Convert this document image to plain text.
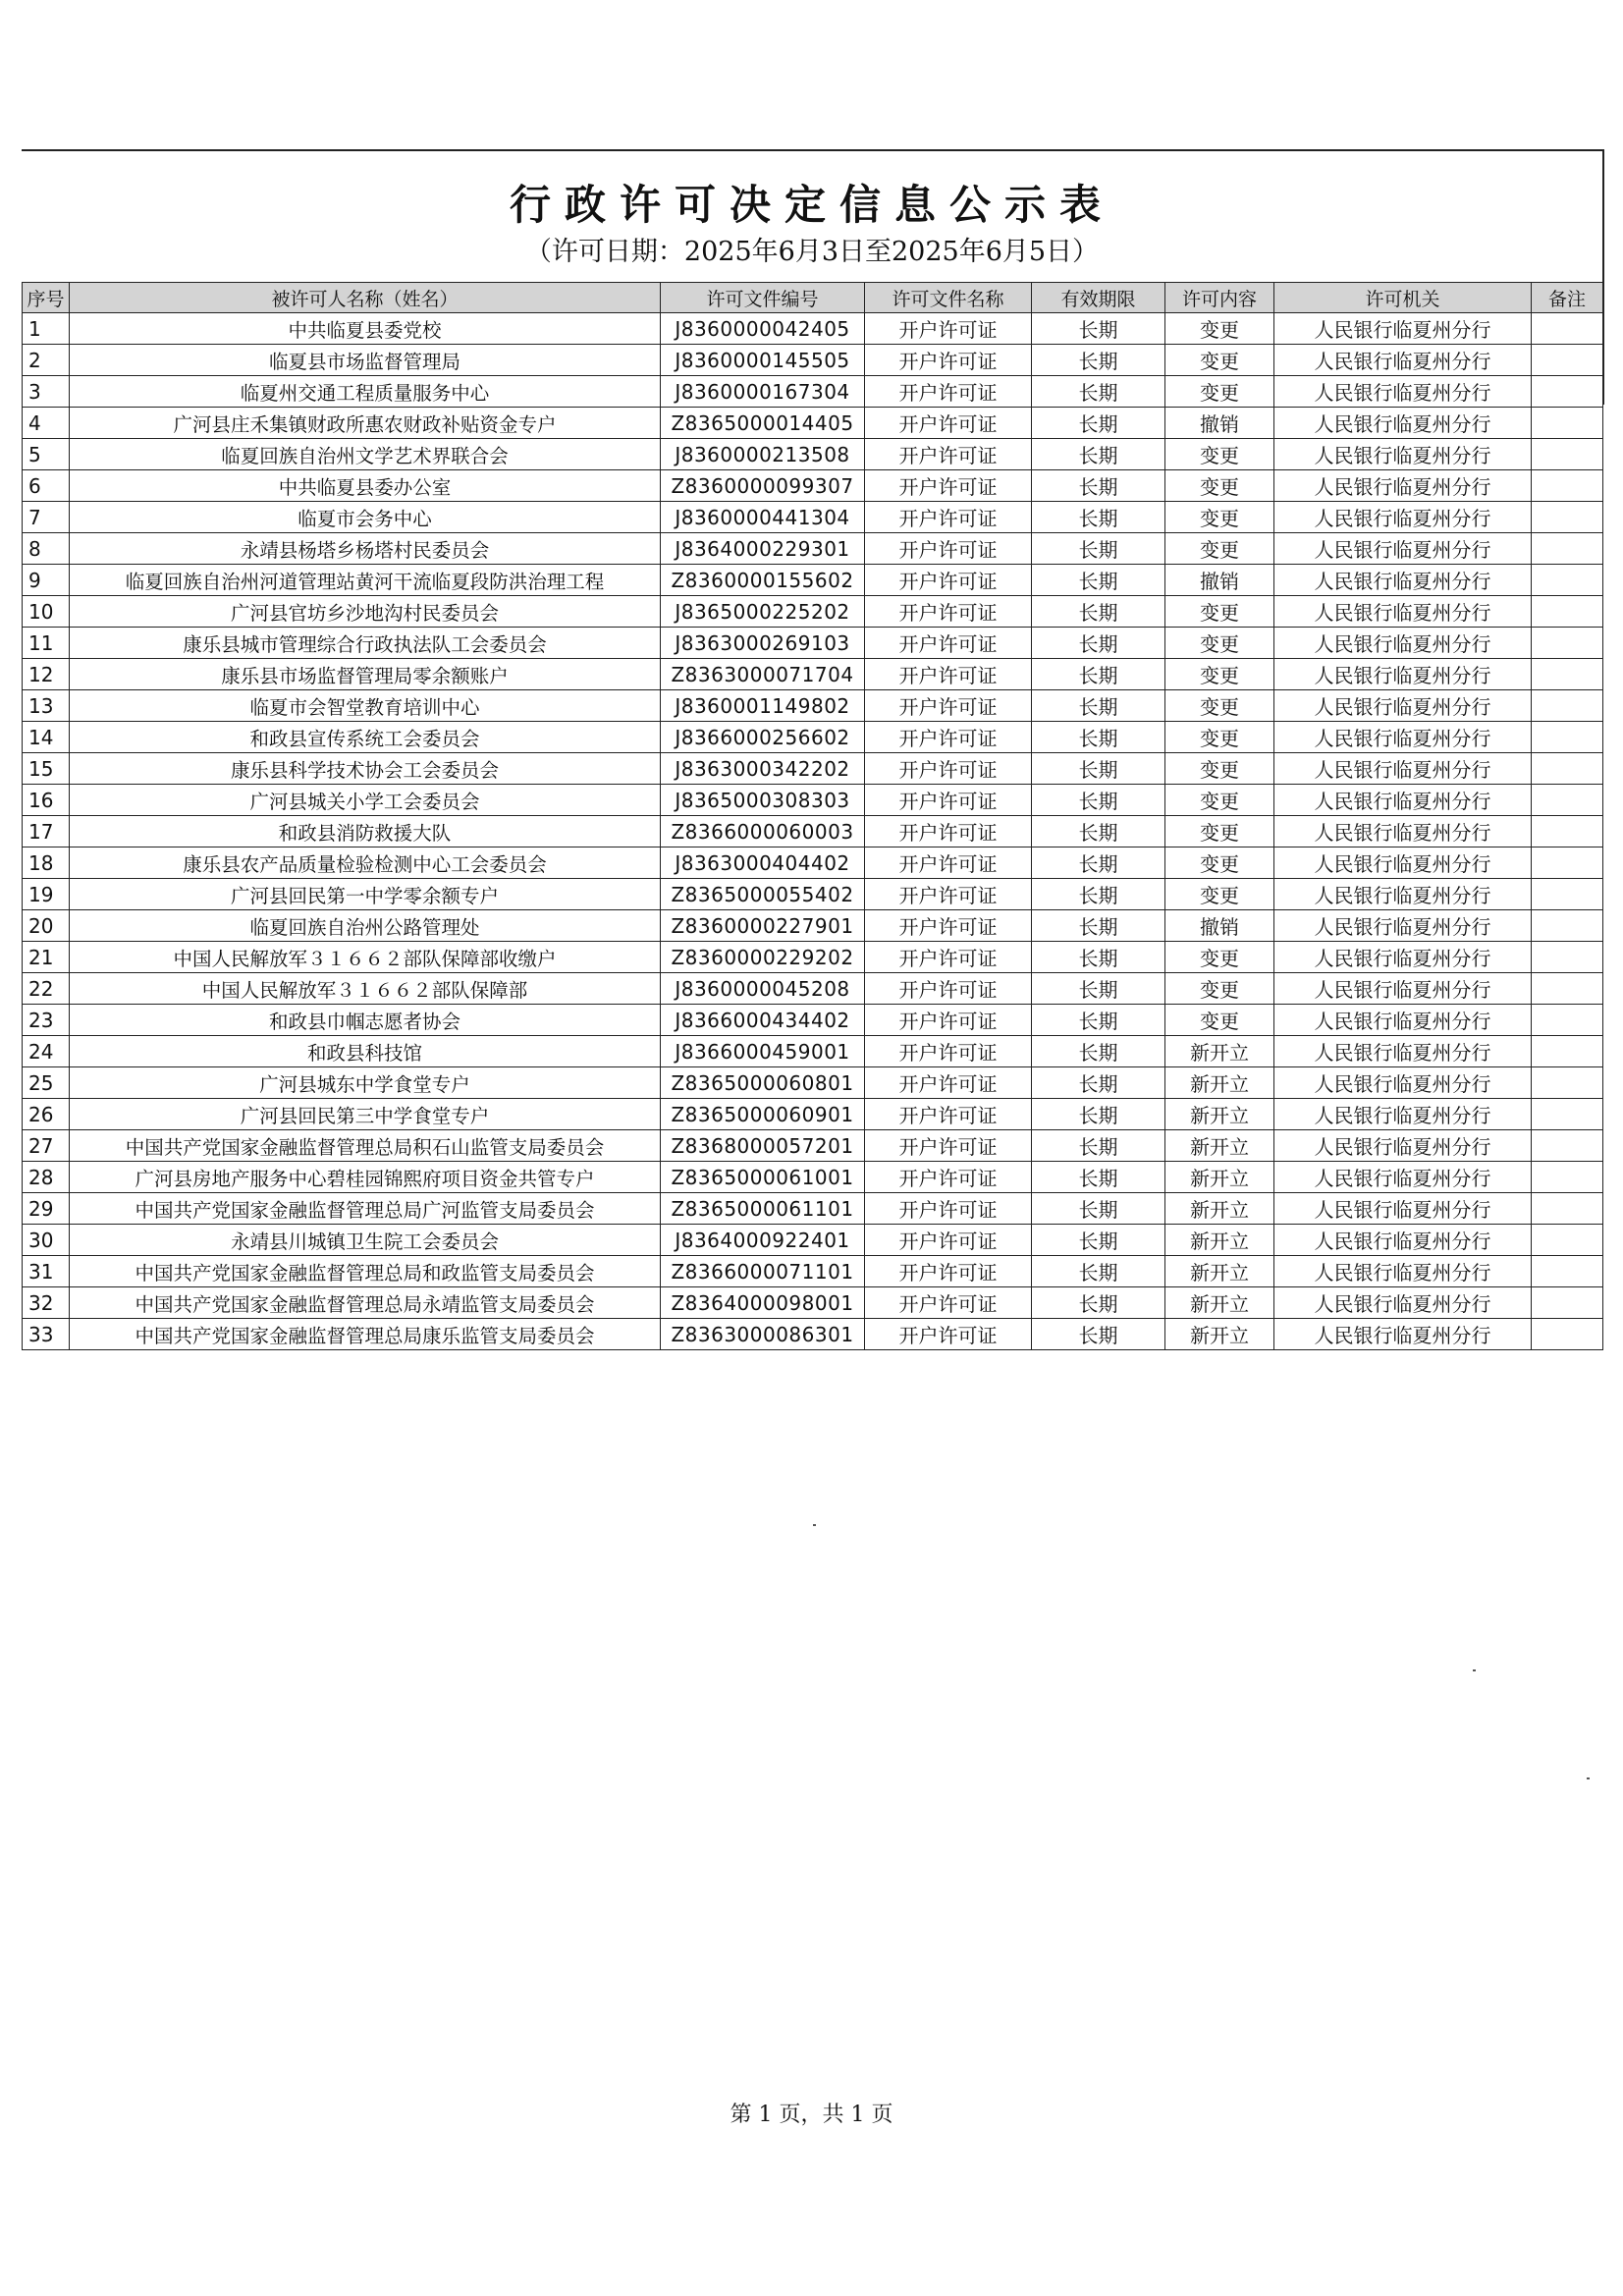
行政许可决定信息公示表
（许可日期：2025年6月3日至2025年6月5日）
序号	被许可人名称（姓名）	许可文件编号	许可文件名称	有效期限	许可内容	许可机关	备注
1	中共临夏县委党校	J8360000042405	开户许可证	长期	变更	人民银行临夏州分行	
2	临夏县市场监督管理局	J8360000145505	开户许可证	长期	变更	人民银行临夏州分行	
3	临夏州交通工程质量服务中心	J8360000167304	开户许可证	长期	变更	人民银行临夏州分行	
4	广河县庄禾集镇财政所惠农财政补贴资金专户	Z8365000014405	开户许可证	长期	撤销	人民银行临夏州分行	
5	临夏回族自治州文学艺术界联合会	J8360000213508	开户许可证	长期	变更	人民银行临夏州分行	
6	中共临夏县委办公室	Z8360000099307	开户许可证	长期	变更	人民银行临夏州分行	
7	临夏市会务中心	J8360000441304	开户许可证	长期	变更	人民银行临夏州分行	
8	永靖县杨塔乡杨塔村民委员会	J8364000229301	开户许可证	长期	变更	人民银行临夏州分行	
9	临夏回族自治州河道管理站黄河干流临夏段防洪治理工程	Z8360000155602	开户许可证	长期	撤销	人民银行临夏州分行	
10	广河县官坊乡沙地沟村民委员会	J8365000225202	开户许可证	长期	变更	人民银行临夏州分行	
11	康乐县城市管理综合行政执法队工会委员会	J8363000269103	开户许可证	长期	变更	人民银行临夏州分行	
12	康乐县市场监督管理局零余额账户	Z8363000071704	开户许可证	长期	变更	人民银行临夏州分行	
13	临夏市会智堂教育培训中心	J8360001149802	开户许可证	长期	变更	人民银行临夏州分行	
14	和政县宣传系统工会委员会	J8366000256602	开户许可证	长期	变更	人民银行临夏州分行	
15	康乐县科学技术协会工会委员会	J8363000342202	开户许可证	长期	变更	人民银行临夏州分行	
16	广河县城关小学工会委员会	J8365000308303	开户许可证	长期	变更	人民银行临夏州分行	
17	和政县消防救援大队	Z8366000060003	开户许可证	长期	变更	人民银行临夏州分行	
18	康乐县农产品质量检验检测中心工会委员会	J8363000404402	开户许可证	长期	变更	人民银行临夏州分行	
19	广河县回民第一中学零余额专户	Z8365000055402	开户许可证	长期	变更	人民银行临夏州分行	
20	临夏回族自治州公路管理处	Z8360000227901	开户许可证	长期	撤销	人民银行临夏州分行	
21	中国人民解放军３１６６２部队保障部收缴户	Z8360000229202	开户许可证	长期	变更	人民银行临夏州分行	
22	中国人民解放军３１６６２部队保障部	J8360000045208	开户许可证	长期	变更	人民银行临夏州分行	
23	和政县巾帼志愿者协会	J8366000434402	开户许可证	长期	变更	人民银行临夏州分行	
24	和政县科技馆	J8366000459001	开户许可证	长期	新开立	人民银行临夏州分行	
25	广河县城东中学食堂专户	Z8365000060801	开户许可证	长期	新开立	人民银行临夏州分行	
26	广河县回民第三中学食堂专户	Z8365000060901	开户许可证	长期	新开立	人民银行临夏州分行	
27	中国共产党国家金融监督管理总局积石山监管支局委员会	Z8368000057201	开户许可证	长期	新开立	人民银行临夏州分行	
28	广河县房地产服务中心碧桂园锦熙府项目资金共管专户	Z8365000061001	开户许可证	长期	新开立	人民银行临夏州分行	
29	中国共产党国家金融监督管理总局广河监管支局委员会	Z8365000061101	开户许可证	长期	新开立	人民银行临夏州分行	
30	永靖县川城镇卫生院工会委员会	J8364000922401	开户许可证	长期	新开立	人民银行临夏州分行	
31	中国共产党国家金融监督管理总局和政监管支局委员会	Z8366000071101	开户许可证	长期	新开立	人民银行临夏州分行	
32	中国共产党国家金融监督管理总局永靖监管支局委员会	Z8364000098001	开户许可证	长期	新开立	人民银行临夏州分行	
33	中国共产党国家金融监督管理总局康乐监管支局委员会	Z8363000086301	开户许可证	长期	新开立	人民银行临夏州分行	
第 1 页，共 1 页
